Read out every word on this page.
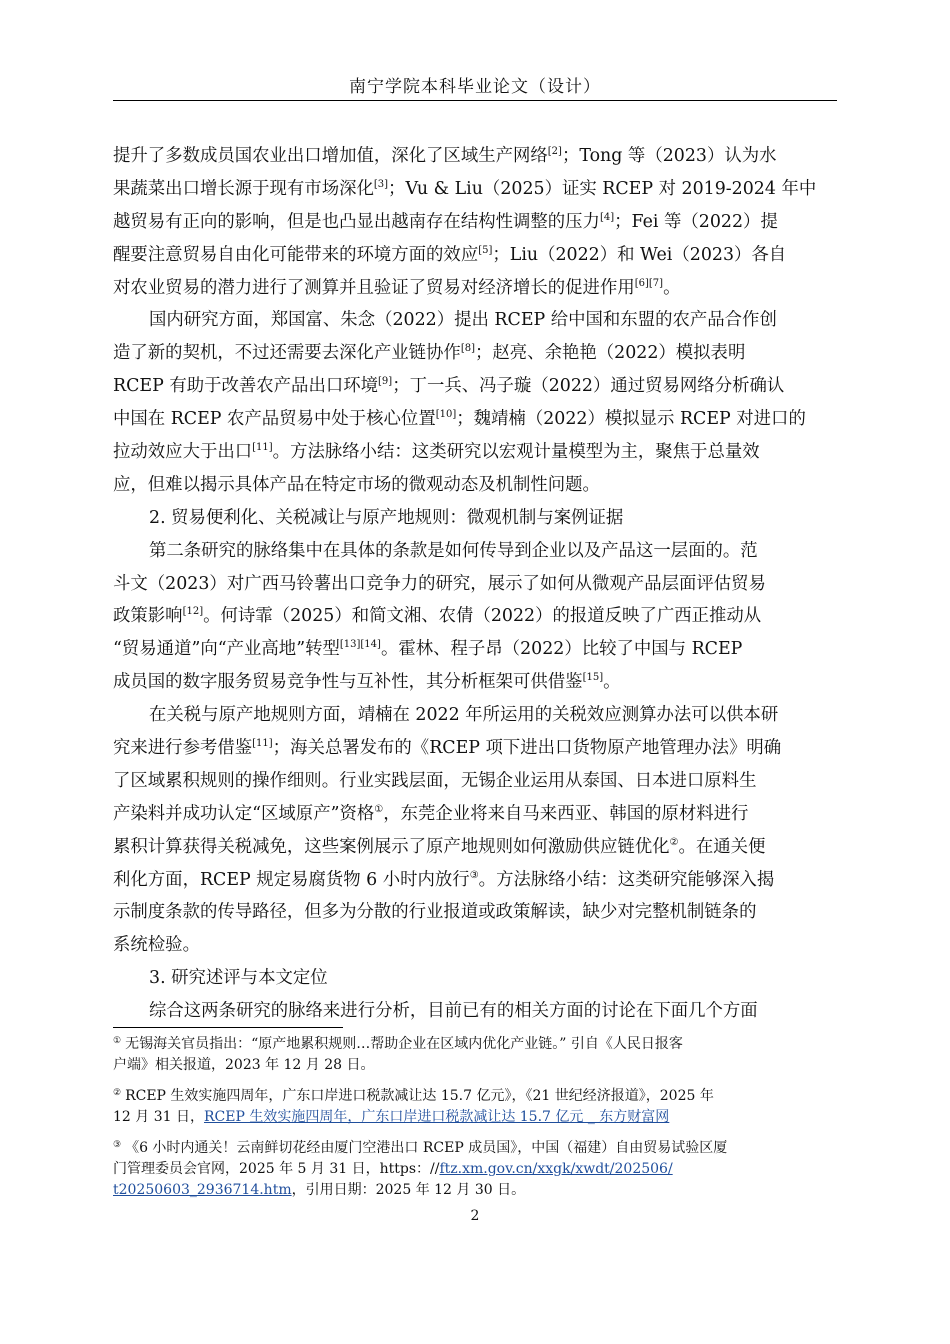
南宁学院本科毕业论文（设计）
提升了多数成员国农业出口增加值，深化了区域生产网络[2]；Tong 等（2023）认为水
果蔬菜出口增长源于现有市场深化[3]；Vu & Liu（2025）证实 RCEP 对 2019-2024 年中
越贸易有正向的影响，但是也凸显出越南存在结构性调整的压力[4]；Fei 等（2022）提
醒要注意贸易自由化可能带来的环境方面的效应[5]；Liu（2022）和 Wei（2023）各自
对农业贸易的潜力进行了测算并且验证了贸易对经济增长的促进作用[6][7]。
国内研究方面，郑国富、朱念（2022）提出 RCEP 给中国和东盟的农产品合作创
造了新的契机，不过还需要去深化产业链协作[8]；赵亮、余艳艳（2022）模拟表明
RCEP 有助于改善农产品出口环境[9]；丁一兵、冯子璇（2022）通过贸易网络分析确认
中国在 RCEP 农产品贸易中处于核心位置[10]；魏靖楠（2022）模拟显示 RCEP 对进口的
拉动效应大于出口[11]。方法脉络小结：这类研究以宏观计量模型为主，聚焦于总量效
应，但难以揭示具体产品在特定市场的微观动态及机制性问题。
2. 贸易便利化、关税减让与原产地规则：微观机制与案例证据
第二条研究的脉络集中在具体的条款是如何传导到企业以及产品这一层面的。范
斗文（2023）对广西马铃薯出口竞争力的研究，展示了如何从微观产品层面评估贸易
政策影响[12]。何诗霏（2025）和简文湘、农倩（2022）的报道反映了广西正推动从
“贸易通道”向“产业高地”转型[13][14]。霍林、程子昂（2022）比较了中国与 RCEP
成员国的数字服务贸易竞争性与互补性，其分析框架可供借鉴[15]。
在关税与原产地规则方面，靖楠在 2022 年所运用的关税效应测算办法可以供本研
究来进行参考借鉴[11]；海关总署发布的《RCEP 项下进出口货物原产地管理办法》明确
了区域累积规则的操作细则。行业实践层面，无锡企业运用从泰国、日本进口原料生
产染料并成功认定“区域原产”资格①，东莞企业将来自马来西亚、韩国的原材料进行
累积计算获得关税减免，这些案例展示了原产地规则如何激励供应链优化②。在通关便
利化方面，RCEP 规定易腐货物 6 小时内放行③。方法脉络小结：这类研究能够深入揭
示制度条款的传导路径，但多为分散的行业报道或政策解读，缺少对完整机制链条的
系统检验。
3. 研究述评与本文定位
综合这两条研究的脉络来进行分析，目前已有的相关方面的讨论在下面几个方面
① 无锡海关官员指出：“原产地累积规则…帮助企业在区域内优化产业链。” 引自《人民日报客
户端》相关报道，2023 年 12 月 28 日。
② RCEP 生效实施四周年，广东口岸进口税款减让达 15.7 亿元》，《21 世纪经济报道》，2025 年
12 月 31 日，RCEP 生效实施四周年，广东口岸进口税款减让达 15.7 亿元 _ 东方财富网
③ 《6 小时内通关！云南鲜切花经由厦门空港出口 RCEP 成员国》，中国（福建）自由贸易试验区厦
门管理委员会官网，2025 年 5 月 31 日，https：//ftz.xm.gov.cn/xxgk/xwdt/202506/
t20250603_2936714.htm，引用日期：2025 年 12 月 30 日。
2
